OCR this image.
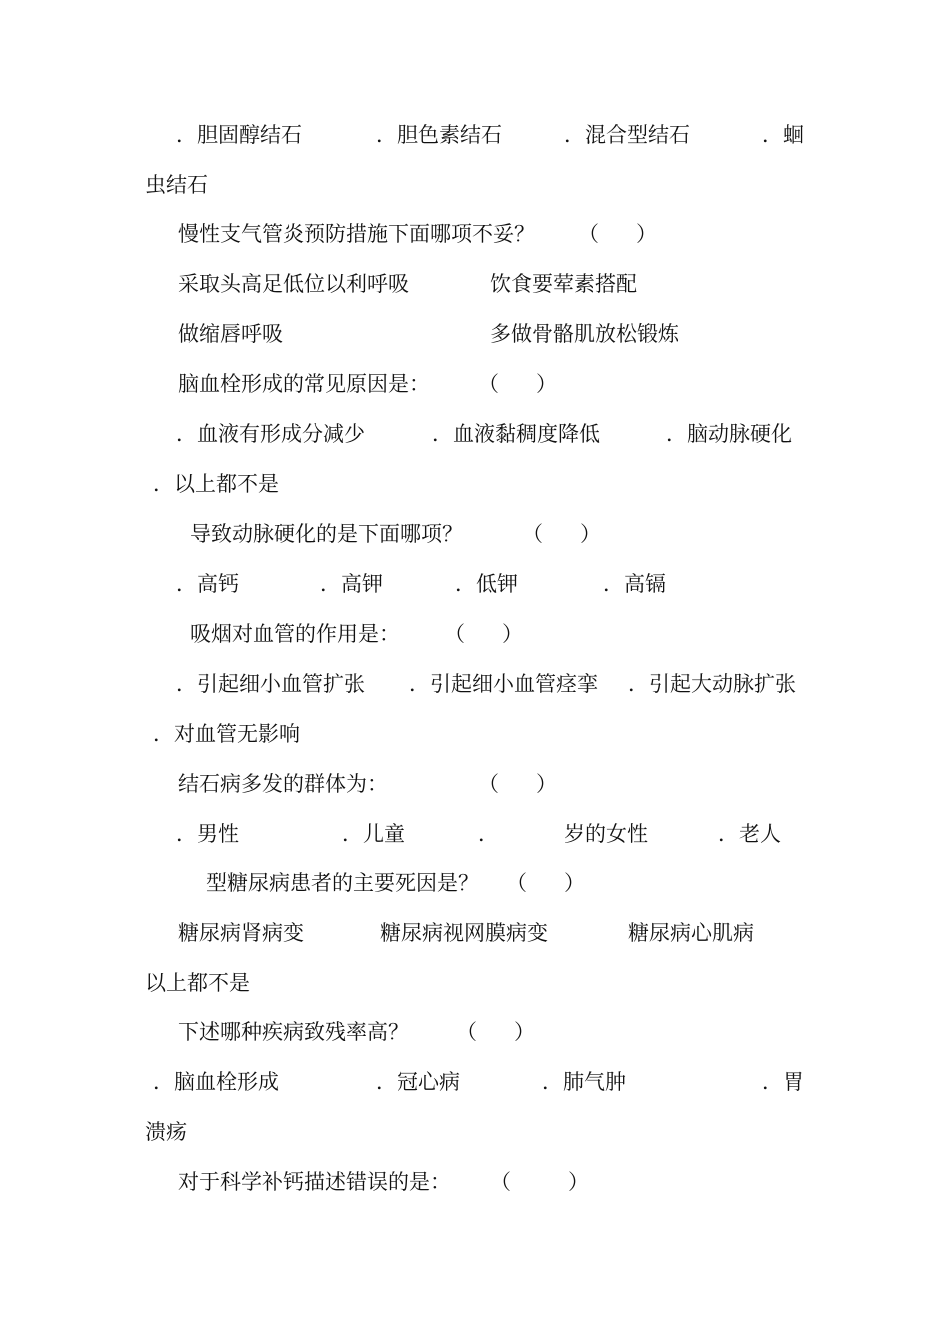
．胆固醇结石	．胆色素结石	．混合型结石	．蛔
虫结石
慢性支气管炎预防措施下面哪项不妥？ （ ）
采取头高足低位以利呼吸	饮食要荤素搭配
做缩唇呼吸	多做骨骼肌放松锻炼
脑血栓形成的常见原因是： （ ）
．血液有形成分减少	．血液黏稠度降低	．脑动脉硬化
．以上都不是
导致动脉硬化的是下面哪项？	（ ）
．高钙	．高钾	．低钾	．高镉
吸烟对血管的作用是： （ ）
．引起细小血管扩张 ．引起细小血管痉挛 ．引起大动脉扩张
．对血管无影响
结石病多发的群体为：	（ ）
．男性	．儿童	．	岁的女性	．老人
型糖尿病患者的主要死因是？ （ ）
糖尿病肾病变	糖尿病视网膜病变	糖尿病心肌病
以上都不是
下述哪种疾病致残率高？ （ ）
．脑血栓形成	．冠心病	．肺气肿	．胃
溃疡
对于科学补钙描述错误的是： （	）
